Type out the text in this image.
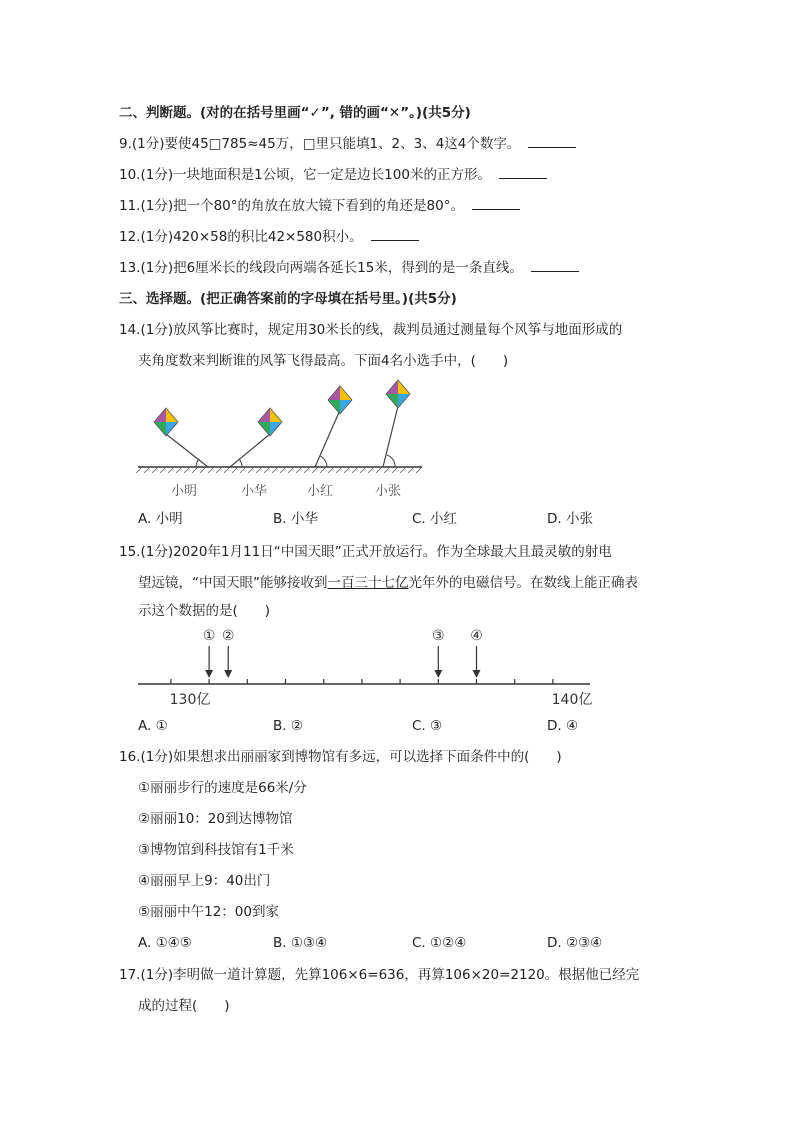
二、判断题。(对的在括号里画“✓”, 错的画“✕”。)(共5分)
9.(1分)要使45□785≈45万，□里只能填1、2、3、4这4个数字。
10.(1分)一块地面积是1公顷，它一定是边长100米的正方形。
11.(1分)把一个80°的角放在放大镜下看到的角还是80°。
12.(1分)420×58的积比42×580积小。
13.(1分)把6厘米长的线段向两端各延长15米，得到的是一条直线。
三、选择题。(把正确答案前的字母填在括号里。)(共5分)
14.(1分)放风筝比赛时，规定用30米长的线，裁判员通过测量每个风筝与地面形成的
夹角度数来判断谁的风筝飞得最高。下面4名小选手中，(　　)
小明	小华	小红	小张
A. 小明	B. 小华	C. 小红	D. 小张
15.(1分)2020年1月11日“中国天眼”正式开放运行。作为全球最大且最灵敏的射电
望远镜，“中国天眼”能够接收到一百三十七亿光年外的电磁信号。在数线上能正确表
示这个数据的是(　　)
① ②	③ ④
130亿	140亿
A. ①	B. ②	C. ③	D. ④
16.(1分)如果想求出丽丽家到博物馆有多远，可以选择下面条件中的(　　)
①丽丽步行的速度是66米/分
②丽丽10：20到达博物馆
③博物馆到科技馆有1千米
④丽丽早上9：40出门
⑤丽丽中午12：00到家
A. ①④⑤	B. ①③④	C. ①②④	D. ②③④
17.(1分)李明做一道计算题，先算106×6=636，再算106×20=2120。根据他已经完
成的过程(　　)
